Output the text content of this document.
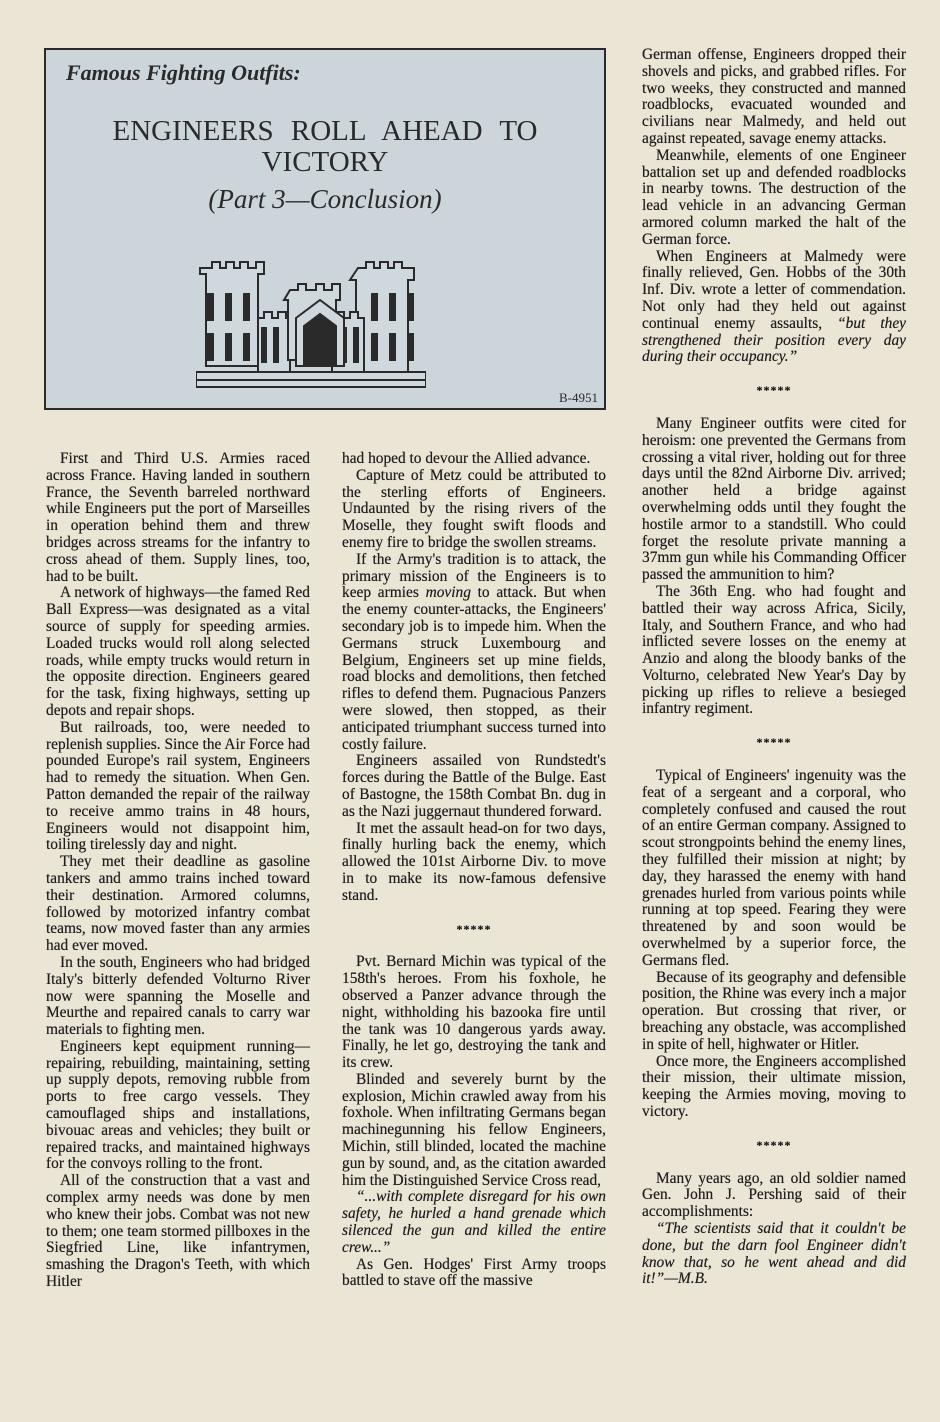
Famous Fighting Outfits:
ENGINEERS ROLL AHEAD TO VICTORY
(Part 3—Conclusion)
B-4951

First and Third U.S. Armies raced across France. Having landed in southern France, the Seventh barreled northward while Engineers put the port of Marseilles in operation behind them and threw bridges across streams for the infantry to cross ahead of them. Supply lines, too, had to be built.

A network of highways—the famed Red Ball Express—was designated as a vital source of supply for speeding armies. Loaded trucks would roll along selected roads, while empty trucks would return in the opposite direction. Engineers geared for the task, fixing highways, setting up depots and repair shops.

But railroads, too, were needed to replenish supplies. Since the Air Force had pounded Europe's rail system, Engineers had to remedy the situation. When Gen. Patton demanded the repair of the railway to receive ammo trains in 48 hours, Engineers would not disappoint him, toiling tirelessly day and night.

They met their deadline as gasoline tankers and ammo trains inched toward their destination. Armored columns, followed by motorized infantry combat teams, now moved faster than any armies had ever moved.

In the south, Engineers who had bridged Italy's bitterly defended Volturno River now were spanning the Moselle and Meurthe and repaired canals to carry war materials to fighting men.

Engineers kept equipment running—repairing, rebuilding, maintaining, setting up supply depots, removing rubble from ports to free cargo vessels. They camouflaged ships and installations, bivouac areas and vehicles; they built or repaired tracks, and maintained highways for the convoys rolling to the front.

All of the construction that a vast and complex army needs was done by men who knew their jobs. Combat was not new to them; one team stormed pillboxes in the Siegfried Line, like infantrymen, smashing the Dragon's Teeth, with which Hitler

had hoped to devour the Allied advance.

Capture of Metz could be attributed to the sterling efforts of Engineers. Undaunted by the rising rivers of the Moselle, they fought swift floods and enemy fire to bridge the swollen streams.

If the Army's tradition is to attack, the primary mission of the Engineers is to keep armies moving to attack. But when the enemy counter-attacks, the Engineers' secondary job is to impede him. When the Germans struck Luxembourg and Belgium, Engineers set up mine fields, road blocks and demolitions, then fetched rifles to defend them. Pugnacious Panzers were slowed, then stopped, as their anticipated triumphant success turned into costly failure.

Engineers assailed von Rundstedt's forces during the Battle of the Bulge. East of Bastogne, the 158th Combat Bn. dug in as the Nazi juggernaut thundered forward.

It met the assault head-on for two days, finally hurling back the enemy, which allowed the 101st Airborne Div. to move in to make its now-famous defensive stand.

*****

Pvt. Bernard Michin was typical of the 158th's heroes. From his foxhole, he observed a Panzer advance through the night, withholding his bazooka fire until the tank was 10 dangerous yards away. Finally, he let go, destroying the tank and its crew.

Blinded and severely burnt by the explosion, Michin crawled away from his foxhole. When infiltrating Germans began machinegunning his fellow Engineers, Michin, still blinded, located the machine gun by sound, and, as the citation awarded him the Distinguished Service Cross read,

“...with complete disregard for his own safety, he hurled a hand grenade which silenced the gun and killed the entire crew...”

As Gen. Hodges' First Army troops battled to stave off the massive

German offense, Engineers dropped their shovels and picks, and grabbed rifles. For two weeks, they constructed and manned roadblocks, evacuated wounded and civilians near Malmedy, and held out against repeated, savage enemy attacks.

Meanwhile, elements of one Engineer battalion set up and defended roadblocks in nearby towns. The destruction of the lead vehicle in an advancing German armored column marked the halt of the German force.

When Engineers at Malmedy were finally relieved, Gen. Hobbs of the 30th Inf. Div. wrote a letter of commendation. Not only had they held out against continual enemy assaults, “but they strengthened their position every day during their occupancy.”

*****

Many Engineer outfits were cited for heroism: one prevented the Germans from crossing a vital river, holding out for three days until the 82nd Airborne Div. arrived; another held a bridge against overwhelming odds until they fought the hostile armor to a standstill. Who could forget the resolute private manning a 37mm gun while his Commanding Officer passed the ammunition to him?

The 36th Eng. who had fought and battled their way across Africa, Sicily, Italy, and Southern France, and who had inflicted severe losses on the enemy at Anzio and along the bloody banks of the Volturno, celebrated New Year's Day by picking up rifles to relieve a besieged infantry regiment.

*****

Typical of Engineers' ingenuity was the feat of a sergeant and a corporal, who completely confused and caused the rout of an entire German company. Assigned to scout strongpoints behind the enemy lines, they fulfilled their mission at night; by day, they harassed the enemy with hand grenades hurled from various points while running at top speed. Fearing they were threatened by and soon would be overwhelmed by a superior force, the Germans fled.

Because of its geography and defensible position, the Rhine was every inch a major operation. But crossing that river, or breaching any obstacle, was accomplished in spite of hell, highwater or Hitler.

Once more, the Engineers accomplished their mission, their ultimate mission, keeping the Armies moving, moving to victory.

*****

Many years ago, an old soldier named Gen. John J. Pershing said of their accomplishments:

“The scientists said that it couldn't be done, but the darn fool Engineer didn't know that, so he went ahead and did it!”—M.B.
